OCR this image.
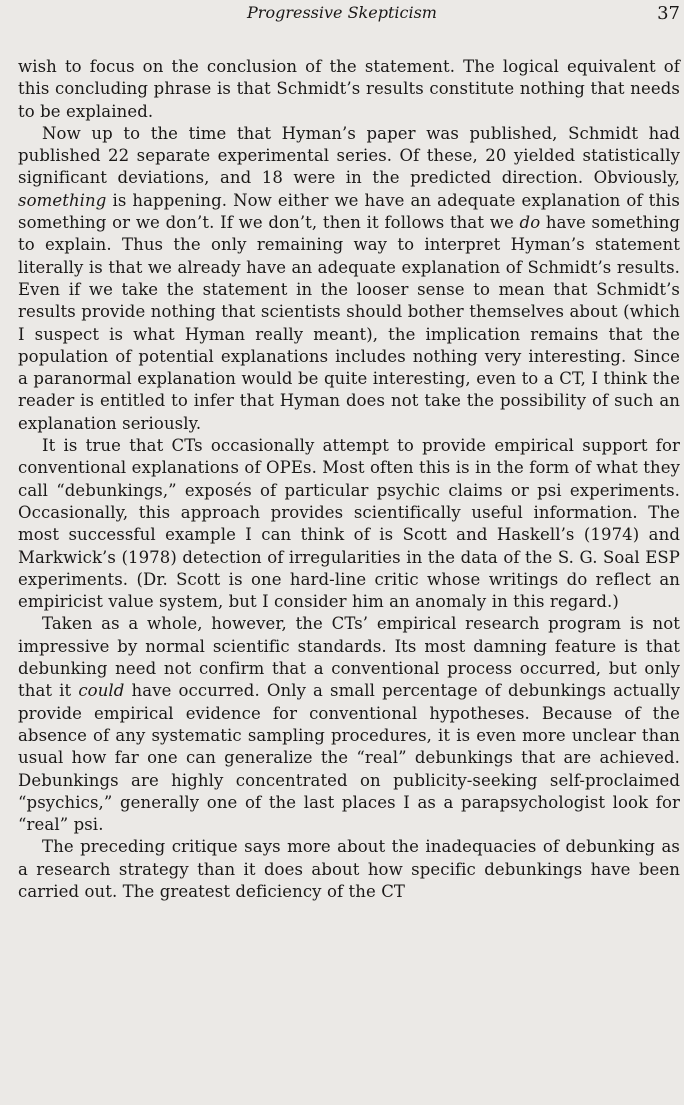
Progressive Skepticism	37

wish to focus on the conclusion of the statement. The logical equivalent of this concluding phrase is that Schmidt’s results constitute nothing that needs to be explained.

Now up to the time that Hyman’s paper was published, Schmidt had published 22 separate experimental series. Of these, 20 yielded statistically significant deviations, and 18 were in the predicted direction. Obviously, something is happening. Now either we have an adequate explanation of this something or we don’t. If we don’t, then it follows that we do have something to explain. Thus the only remaining way to interpret Hyman’s statement literally is that we already have an adequate explanation of Schmidt’s results. Even if we take the statement in the looser sense to mean that Schmidt’s results provide nothing that scientists should bother themselves about (which I suspect is what Hyman really meant), the implication remains that the population of potential explanations includes nothing very interesting. Since a paranormal explanation would be quite interesting, even to a CT, I think the reader is entitled to infer that Hyman does not take the possibility of such an explanation seriously.

It is true that CTs occasionally attempt to provide empirical support for conventional explanations of OPEs. Most often this is in the form of what they call “debunkings,” exposés of particular psychic claims or psi experiments. Occasionally, this approach provides scientifically useful information. The most successful example I can think of is Scott and Haskell’s (1974) and Markwick’s (1978) detection of irregularities in the data of the S. G. Soal ESP experiments. (Dr. Scott is one hard-line critic whose writings do reflect an empiricist value system, but I consider him an anomaly in this regard.)

Taken as a whole, however, the CTs’ empirical research program is not impressive by normal scientific standards. Its most damning feature is that debunking need not confirm that a conventional process occurred, but only that it could have occurred. Only a small percentage of debunkings actually provide empirical evidence for conventional hypotheses. Because of the absence of any systematic sampling procedures, it is even more unclear than usual how far one can generalize the “real” debunkings that are achieved. Debunkings are highly concentrated on publicity-seeking self-proclaimed “psychics,” generally one of the last places I as a parapsychologist look for “real” psi.

The preceding critique says more about the inadequacies of debunking as a research strategy than it does about how specific debunkings have been carried out. The greatest deficiency of the CT
